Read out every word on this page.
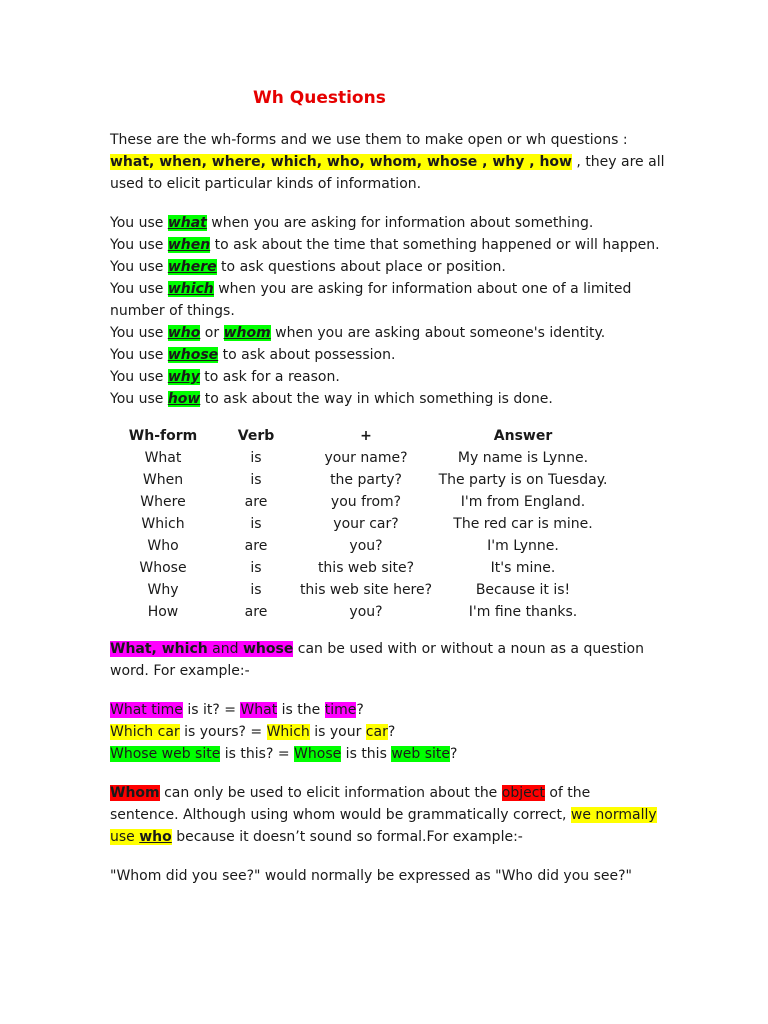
Wh Questions

These are the wh-forms and we use them to make open or wh questions :

what, when, where, which, who, whom, whose , why , how , they are all

used to elicit particular kinds of information.

You use what when you are asking for information about something.

You use when to ask about the time that something happened or will happen.

You use where to ask questions about place or position.

You use which when you are asking for information about one of a limited

number of things.

You use who or whom when you are asking about someone's identity.

You use whose to ask about possession.

You use why to ask for a reason.

You use how to ask about the way in which something is done.

Wh-form	Verb	+	Answer
What	is	your name?	My name is Lynne.
When	is	the party?	The party is on Tuesday.
Where	are	you from?	I'm from England.
Which	is	your car?	The red car is mine.
Who	are	you?	I'm Lynne.
Whose	is	this web site?	It's mine.
Why	is	this web site here?	Because it is!
How	are	you?	I'm fine thanks.

What, which and whose can be used with or without a noun as a question

word. For example:-

What time is it? = What is the time?

Which car is yours? = Which is your car?

Whose web site is this? = Whose is this web site?

Whom can only be used to elicit information about the object of the

sentence. Although using whom would be grammatically correct, we normally

use who because it doesn’t sound so formal.For example:-

"Whom did you see?" would normally be expressed as "Who did you see?"
